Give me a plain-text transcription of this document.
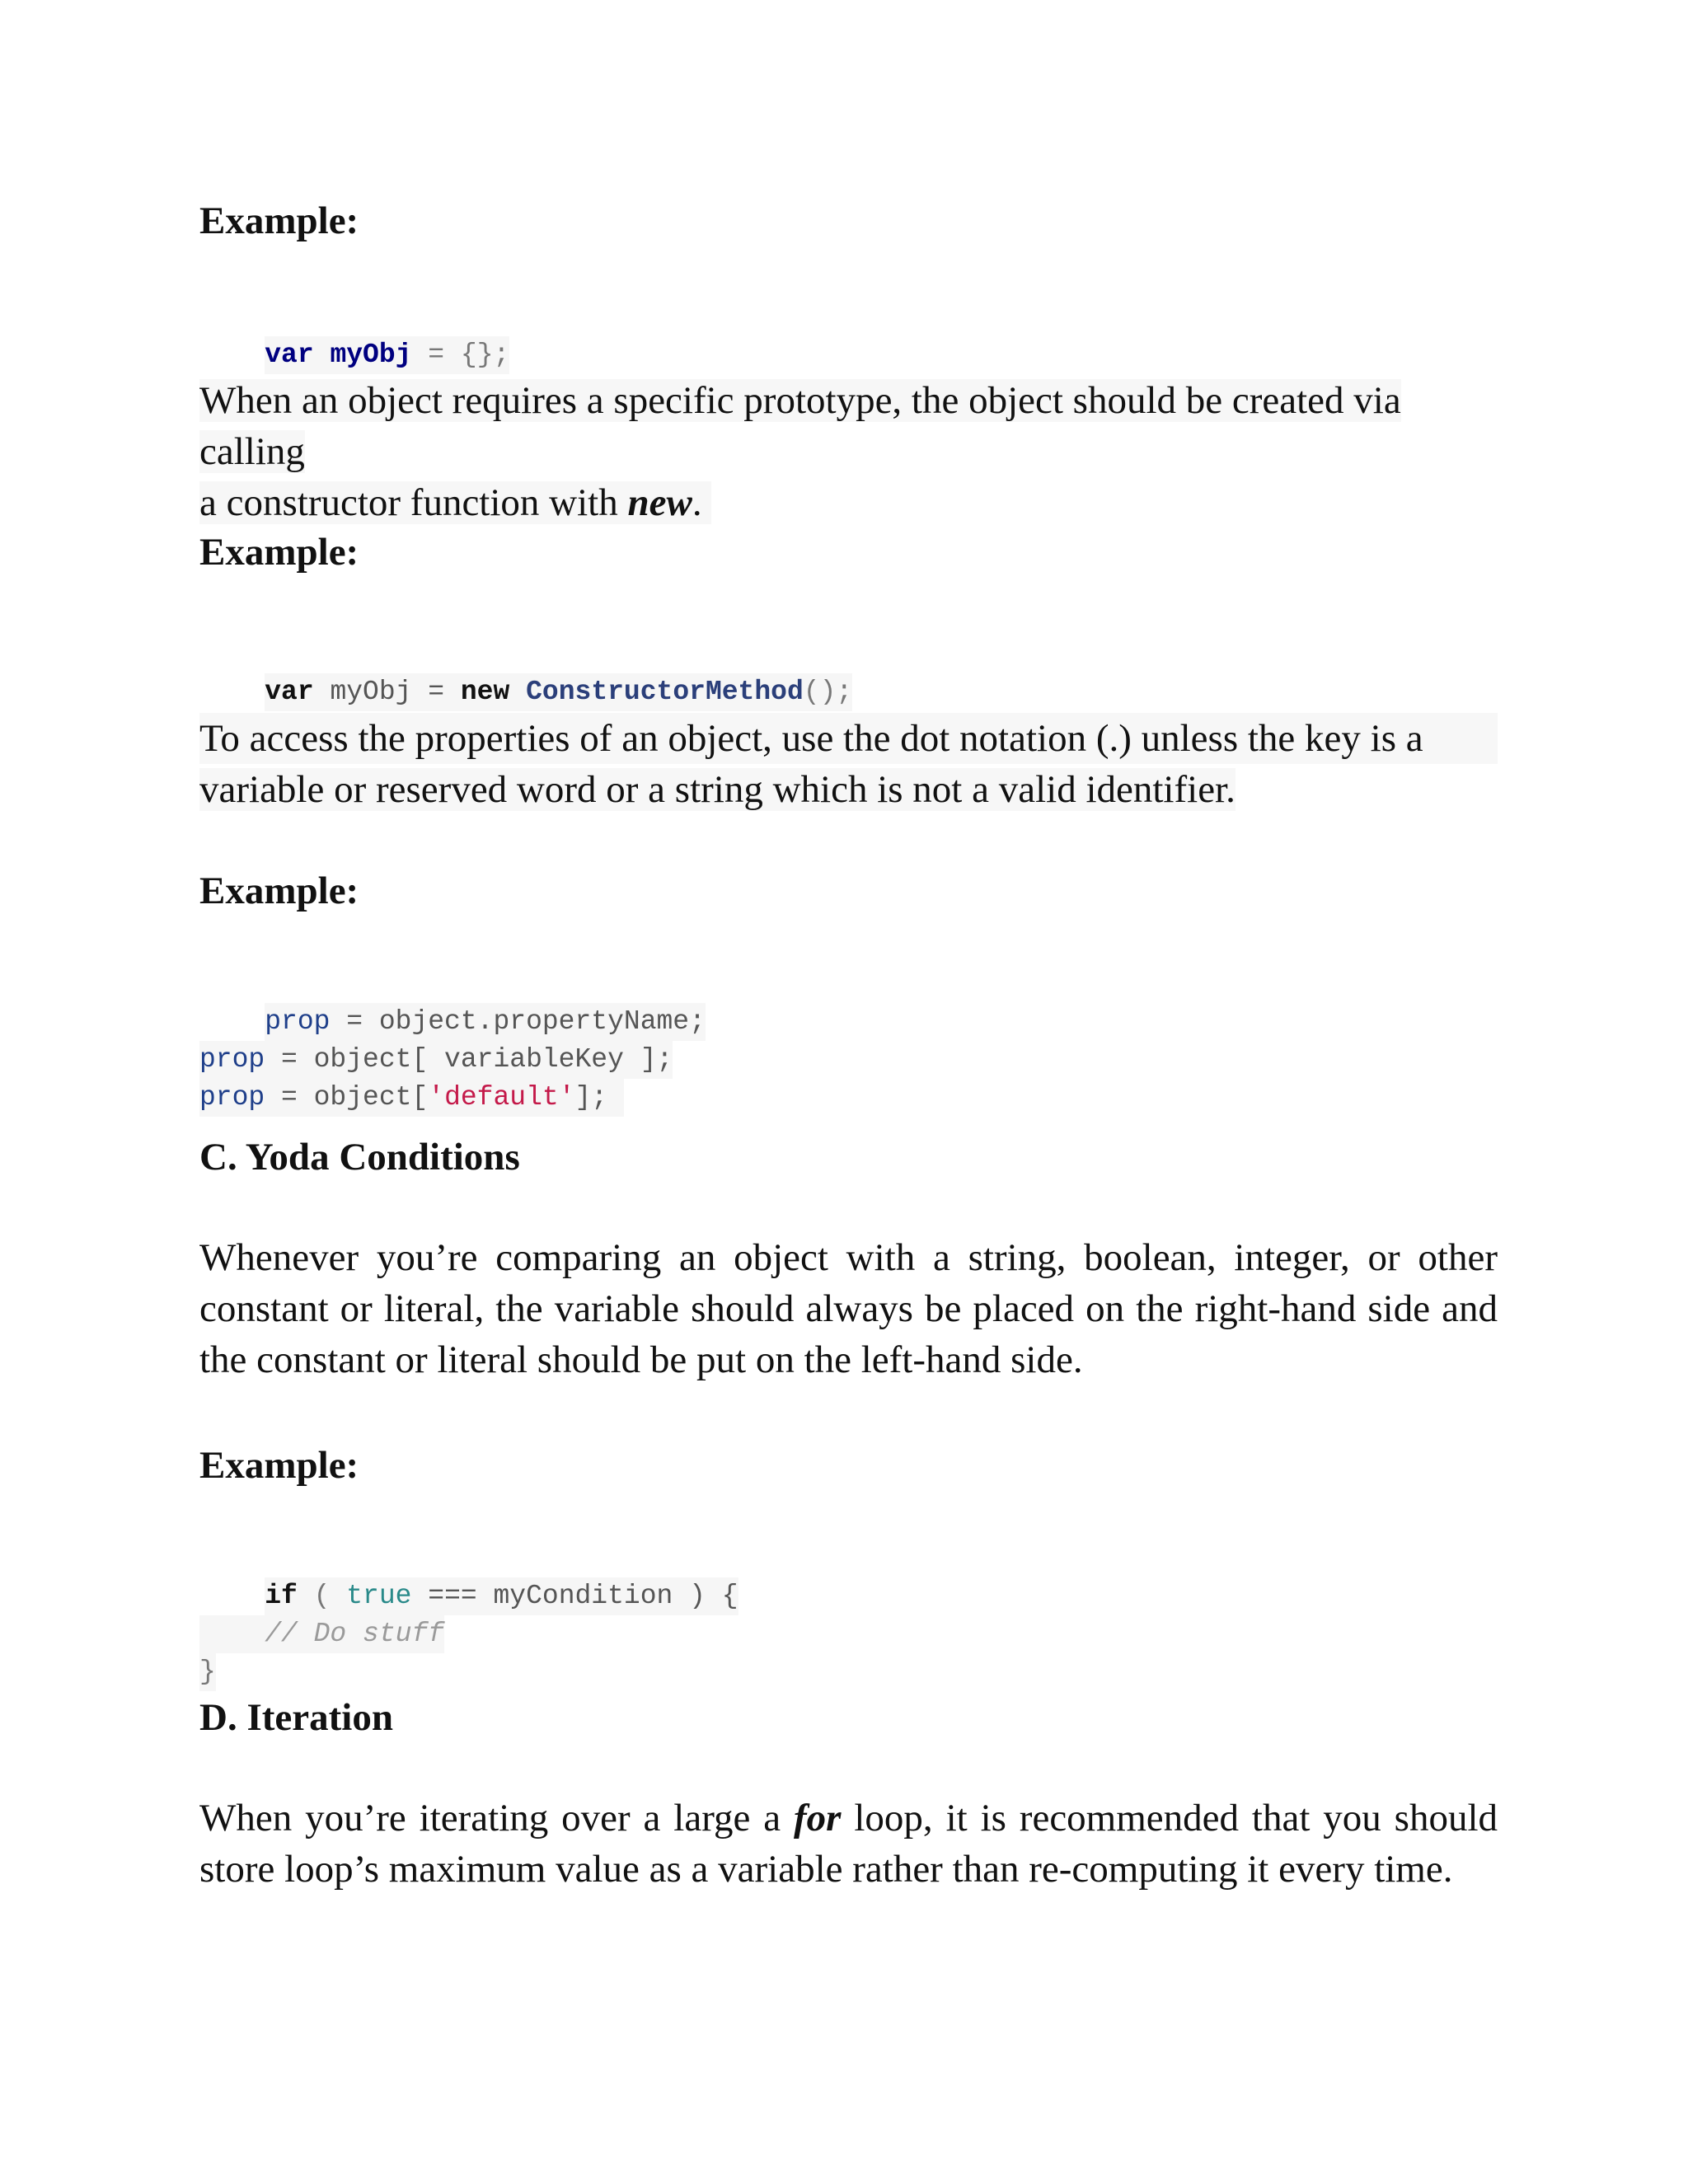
Example:

var myObj = {};

When an object requires a specific prototype, the object should be created via calling
a constructor function with new.

Example:

var myObj = new ConstructorMethod();

To access the properties of an object, use the dot notation (.) unless the key is a
variable or reserved word or a string which is not a valid identifier.

Example:

prop = object.propertyName;
prop = object[ variableKey ];
prop = object['default'];

C. Yoda Conditions

Whenever you’re comparing an object with a string, boolean, integer, or other constant or literal, the variable should always be placed on the right-hand side and the constant or literal should be put on the left-hand side.

Example:

if ( true === myCondition ) {
// Do stuff
}

D. Iteration

When you’re iterating over a large a for loop, it is recommended that you should store loop’s maximum value as a variable rather than re-computing it every time.
